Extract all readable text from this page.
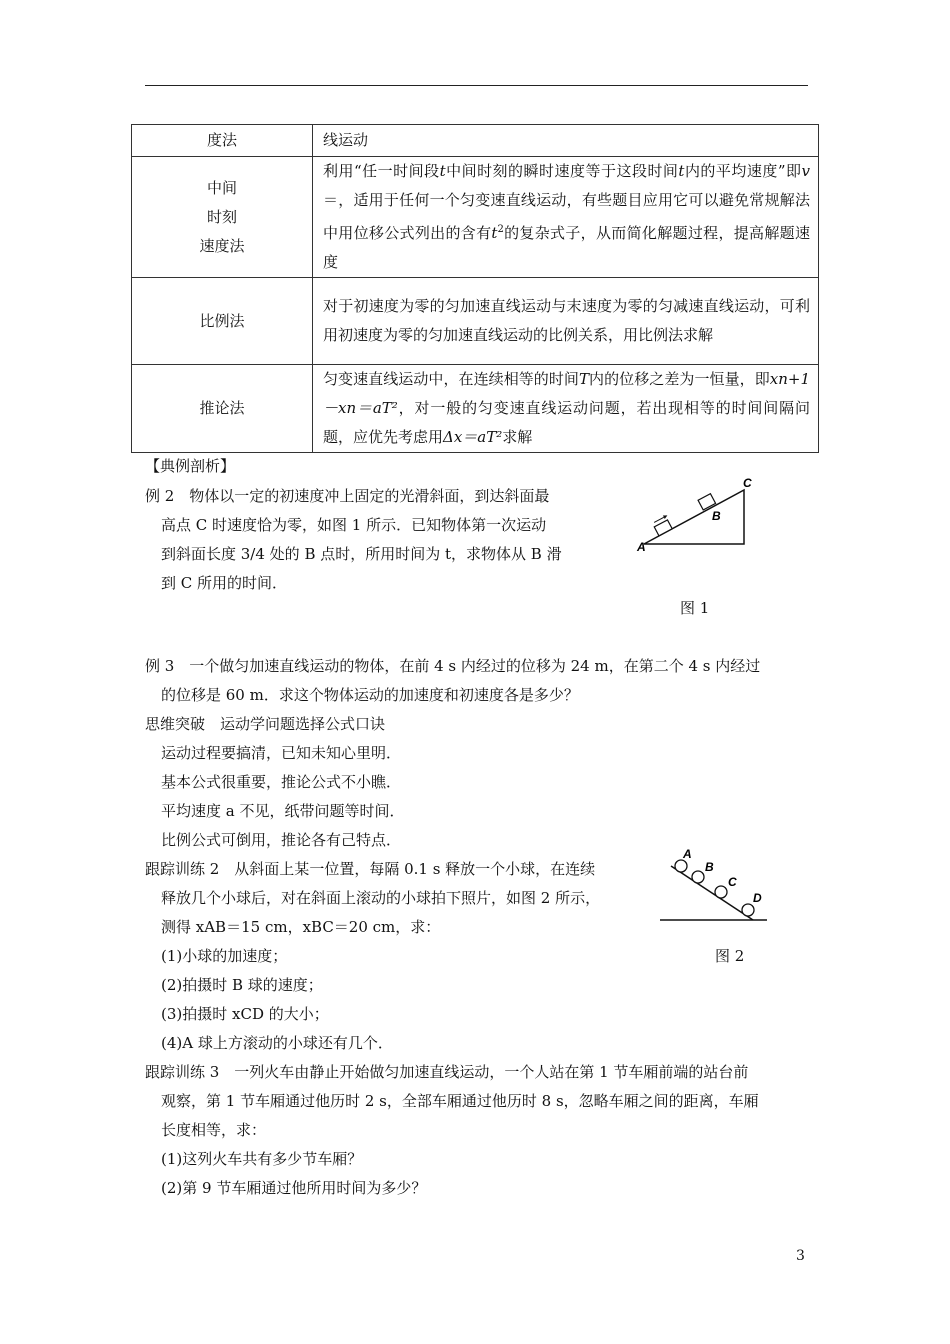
度法	线运动

中间
时刻
速度法	利用“任一时间段t中间时刻的瞬时速度等于这段时间t内的平均速度”即v＝，适用于任何一个匀变速直线运动，有些题目应用它可以避免常规解法中用位移公式列出的含有$t^2$的复杂式子，从而简化解题过程，提高解题速度
比例法	对于初速度为零的匀加速直线运动与末速度为零的匀减速直线运动，可利用初速度为零的匀加速直线运动的比例关系，用比例法求解
推论法	匀变速直线运动中，在连续相等的时间T内的位移之差为一恒量，即xn+1－xn＝aT²，对一般的匀变速直线运动问题，若出现相等的时间间隔问题，应优先考虑用Δx＝aT²求解
【典例剖析】
例 2　物体以一定的初速度冲上固定的光滑斜面，到达斜面最
高点 C 时速度恰为零，如图 1 所示．已知物体第一次运动
到斜面长度 3/4 处的 B 点时，所用时间为 t，求物体从 B 滑
到 C 所用的时间．
A
B
C
图 1
例 3　一个做匀加速直线运动的物体，在前 4 s 内经过的位移为 24 m，在第二个 4 s 内经过
的位移是 60 m．求这个物体运动的加速度和初速度各是多少？
思维突破　运动学问题选择公式口诀
运动过程要搞清，已知未知心里明．
基本公式很重要，推论公式不小瞧．
平均速度 a 不见，纸带问题等时间．
比例公式可倒用，推论各有己特点．
跟踪训练 2　从斜面上某一位置，每隔 0.1 s 释放一个小球，在连续
释放几个小球后，对在斜面上滚动的小球拍下照片，如图 2 所示，
测得 xAB＝15 cm，xBC＝20 cm，求：
(1)小球的加速度；
(2)拍摄时 B 球的速度；
(3)拍摄时 xCD 的大小；
(4)A 球上方滚动的小球还有几个．
A
B
C
D
图 2
跟踪训练 3　一列火车由静止开始做匀加速直线运动，一个人站在第 1 节车厢前端的站台前
观察，第 1 节车厢通过他历时 2 s，全部车厢通过他历时 8 s，忽略车厢之间的距离，车厢
长度相等，求：
(1)这列火车共有多少节车厢？
(2)第 9 节车厢通过他所用时间为多少？
3
